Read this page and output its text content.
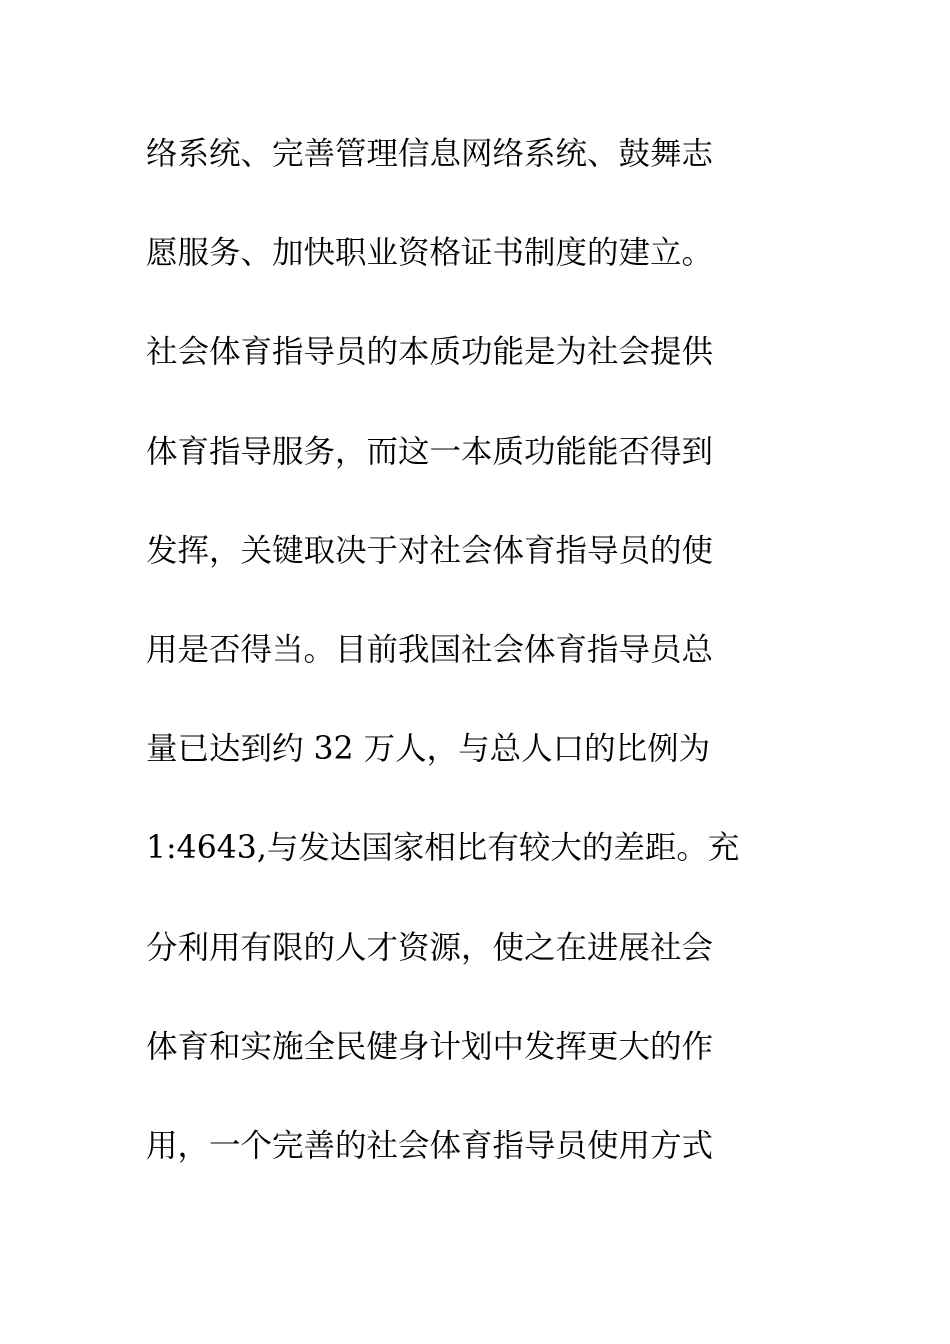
络系统、完善管理信息网络系统、鼓舞志
愿服务、加快职业资格证书制度的建立。
社会体育指导员的本质功能是为社会提供
体育指导服务，而这一本质功能能否得到
发挥，关键取决于对社会体育指导员的使
用是否得当。目前我国社会体育指导员总
量已达到约 32 万人，与总人口的比例为
1:4643,与发达国家相比有较大的差距。充
分利用有限的人才资源，使之在进展社会
体育和实施全民健身计划中发挥更大的作
用，一个完善的社会体育指导员使用方式
